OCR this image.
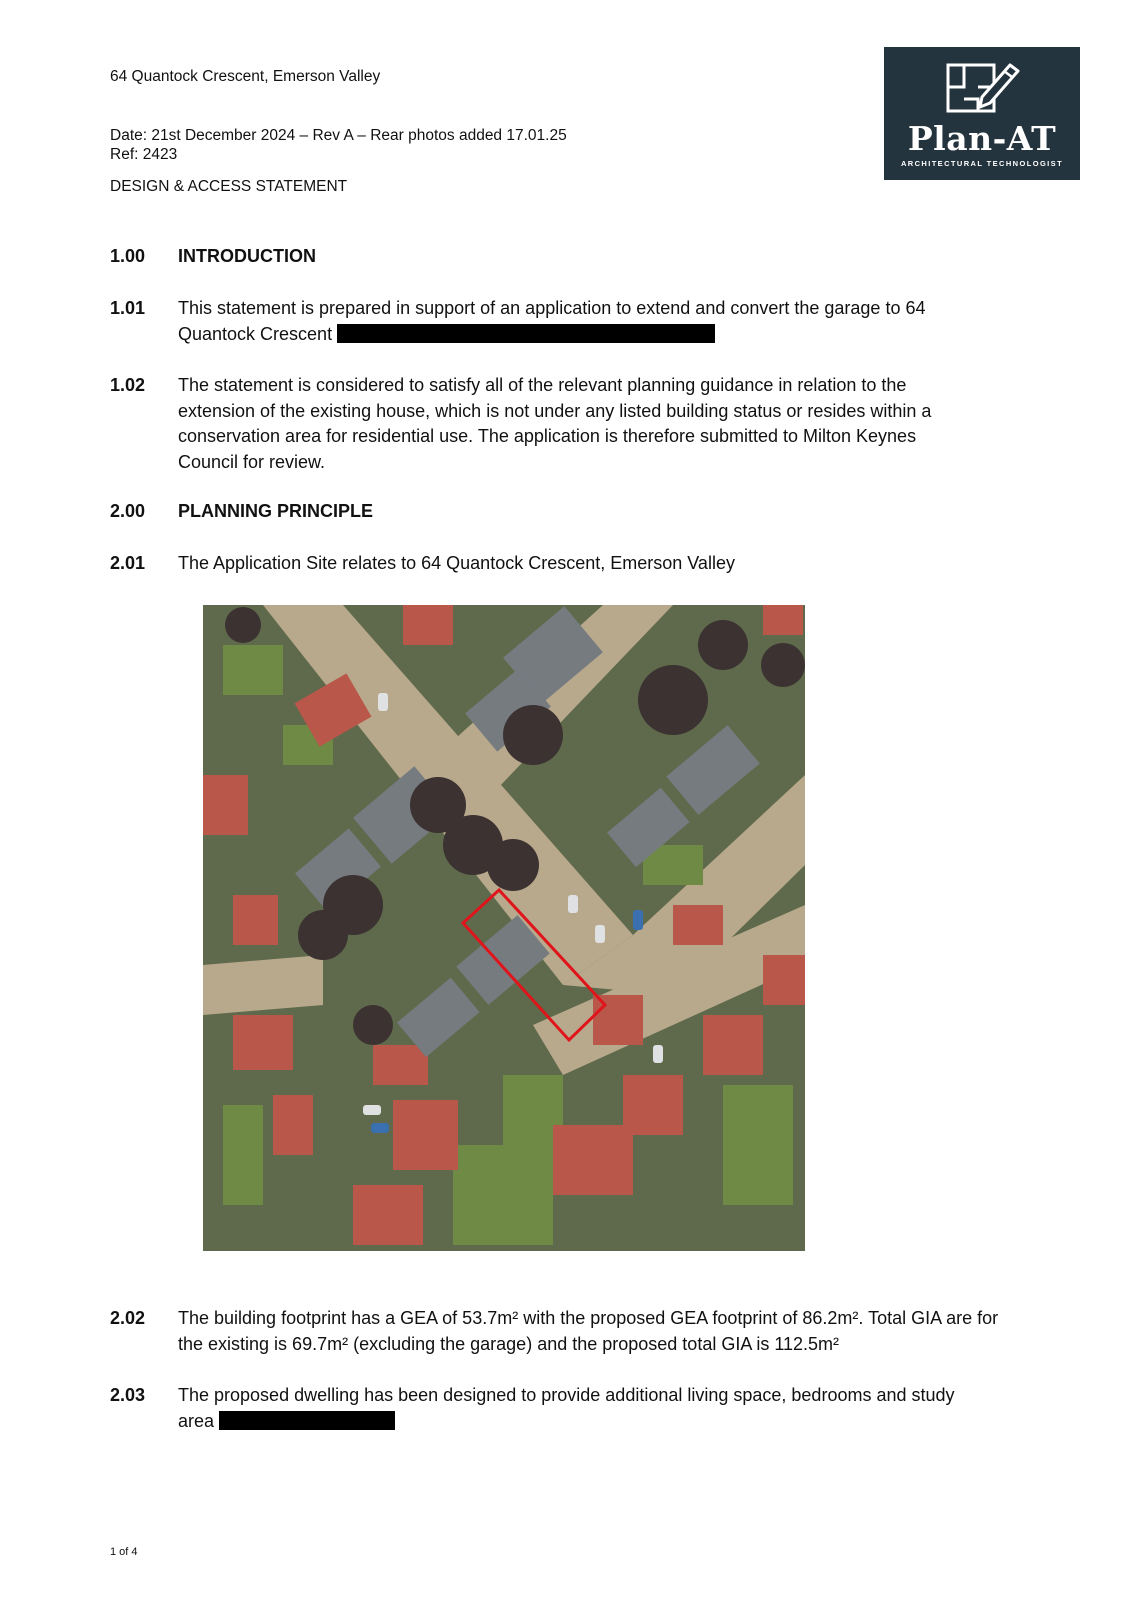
64 Quantock Crescent, Emerson Valley
Date: 21st December 2024 – Rev A – Rear photos added 17.01.25
Ref: 2423
DESIGN & ACCESS STATEMENT
Plan-AT
ARCHITECTURAL TECHNOLOGIST
1.00 INTRODUCTION
1.01 This statement is prepared in support of an application to extend and convert the garage to 64
Quantock Crescent
1.02 The statement is considered to satisfy all of the relevant planning guidance in relation to the
extension of the existing house, which is not under any listed building status or resides within a
conservation area for residential use. The application is therefore submitted to Milton Keynes
Council for review.
2.00 PLANNING PRINCIPLE
2.01 The Application Site relates to 64 Quantock Crescent, Emerson Valley
2.02 The building footprint has a GEA of 53.7m² with the proposed GEA footprint of 86.2m². Total GIA are for
the existing is 69.7m² (excluding the garage) and the proposed total GIA is 112.5m²
2.03 The proposed dwelling has been designed to provide additional living space, bedrooms and study
area
1 of 4
